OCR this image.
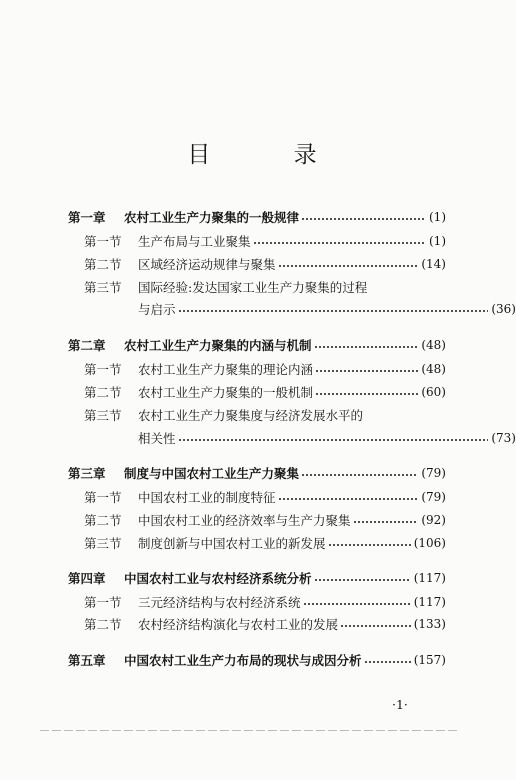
目 录
第一章	农村工业生产力聚集的一般规律	(1)
第一节	生产布局与工业聚集	(1)
第二节	区域经济运动规律与聚集	(14)
第三节	国际经验:发达国家工业生产力聚集的过程
与启示	(36)
第二章	农村工业生产力聚集的内涵与机制	(48)
第一节	农村工业生产力聚集的理论内涵	(48)
第二节	农村工业生产力聚集的一般机制	(60)
第三节	农村工业生产力聚集度与经济发展水平的
相关性	(73)
第三章	制度与中国农村工业生产力聚集	(79)
第一节	中国农村工业的制度特征	(79)
第二节	中国农村工业的经济效率与生产力聚集	(92)
第三节	制度创新与中国农村工业的新发展	(106)
第四章	中国农村工业与农村经济系统分析	(117)
第一节	三元经济结构与农村经济系统	(117)
第二节	农村经济结构演化与农村工业的发展	(133)
第五章	中国农村工业生产力布局的现状与成因分析	(157)
·1·
